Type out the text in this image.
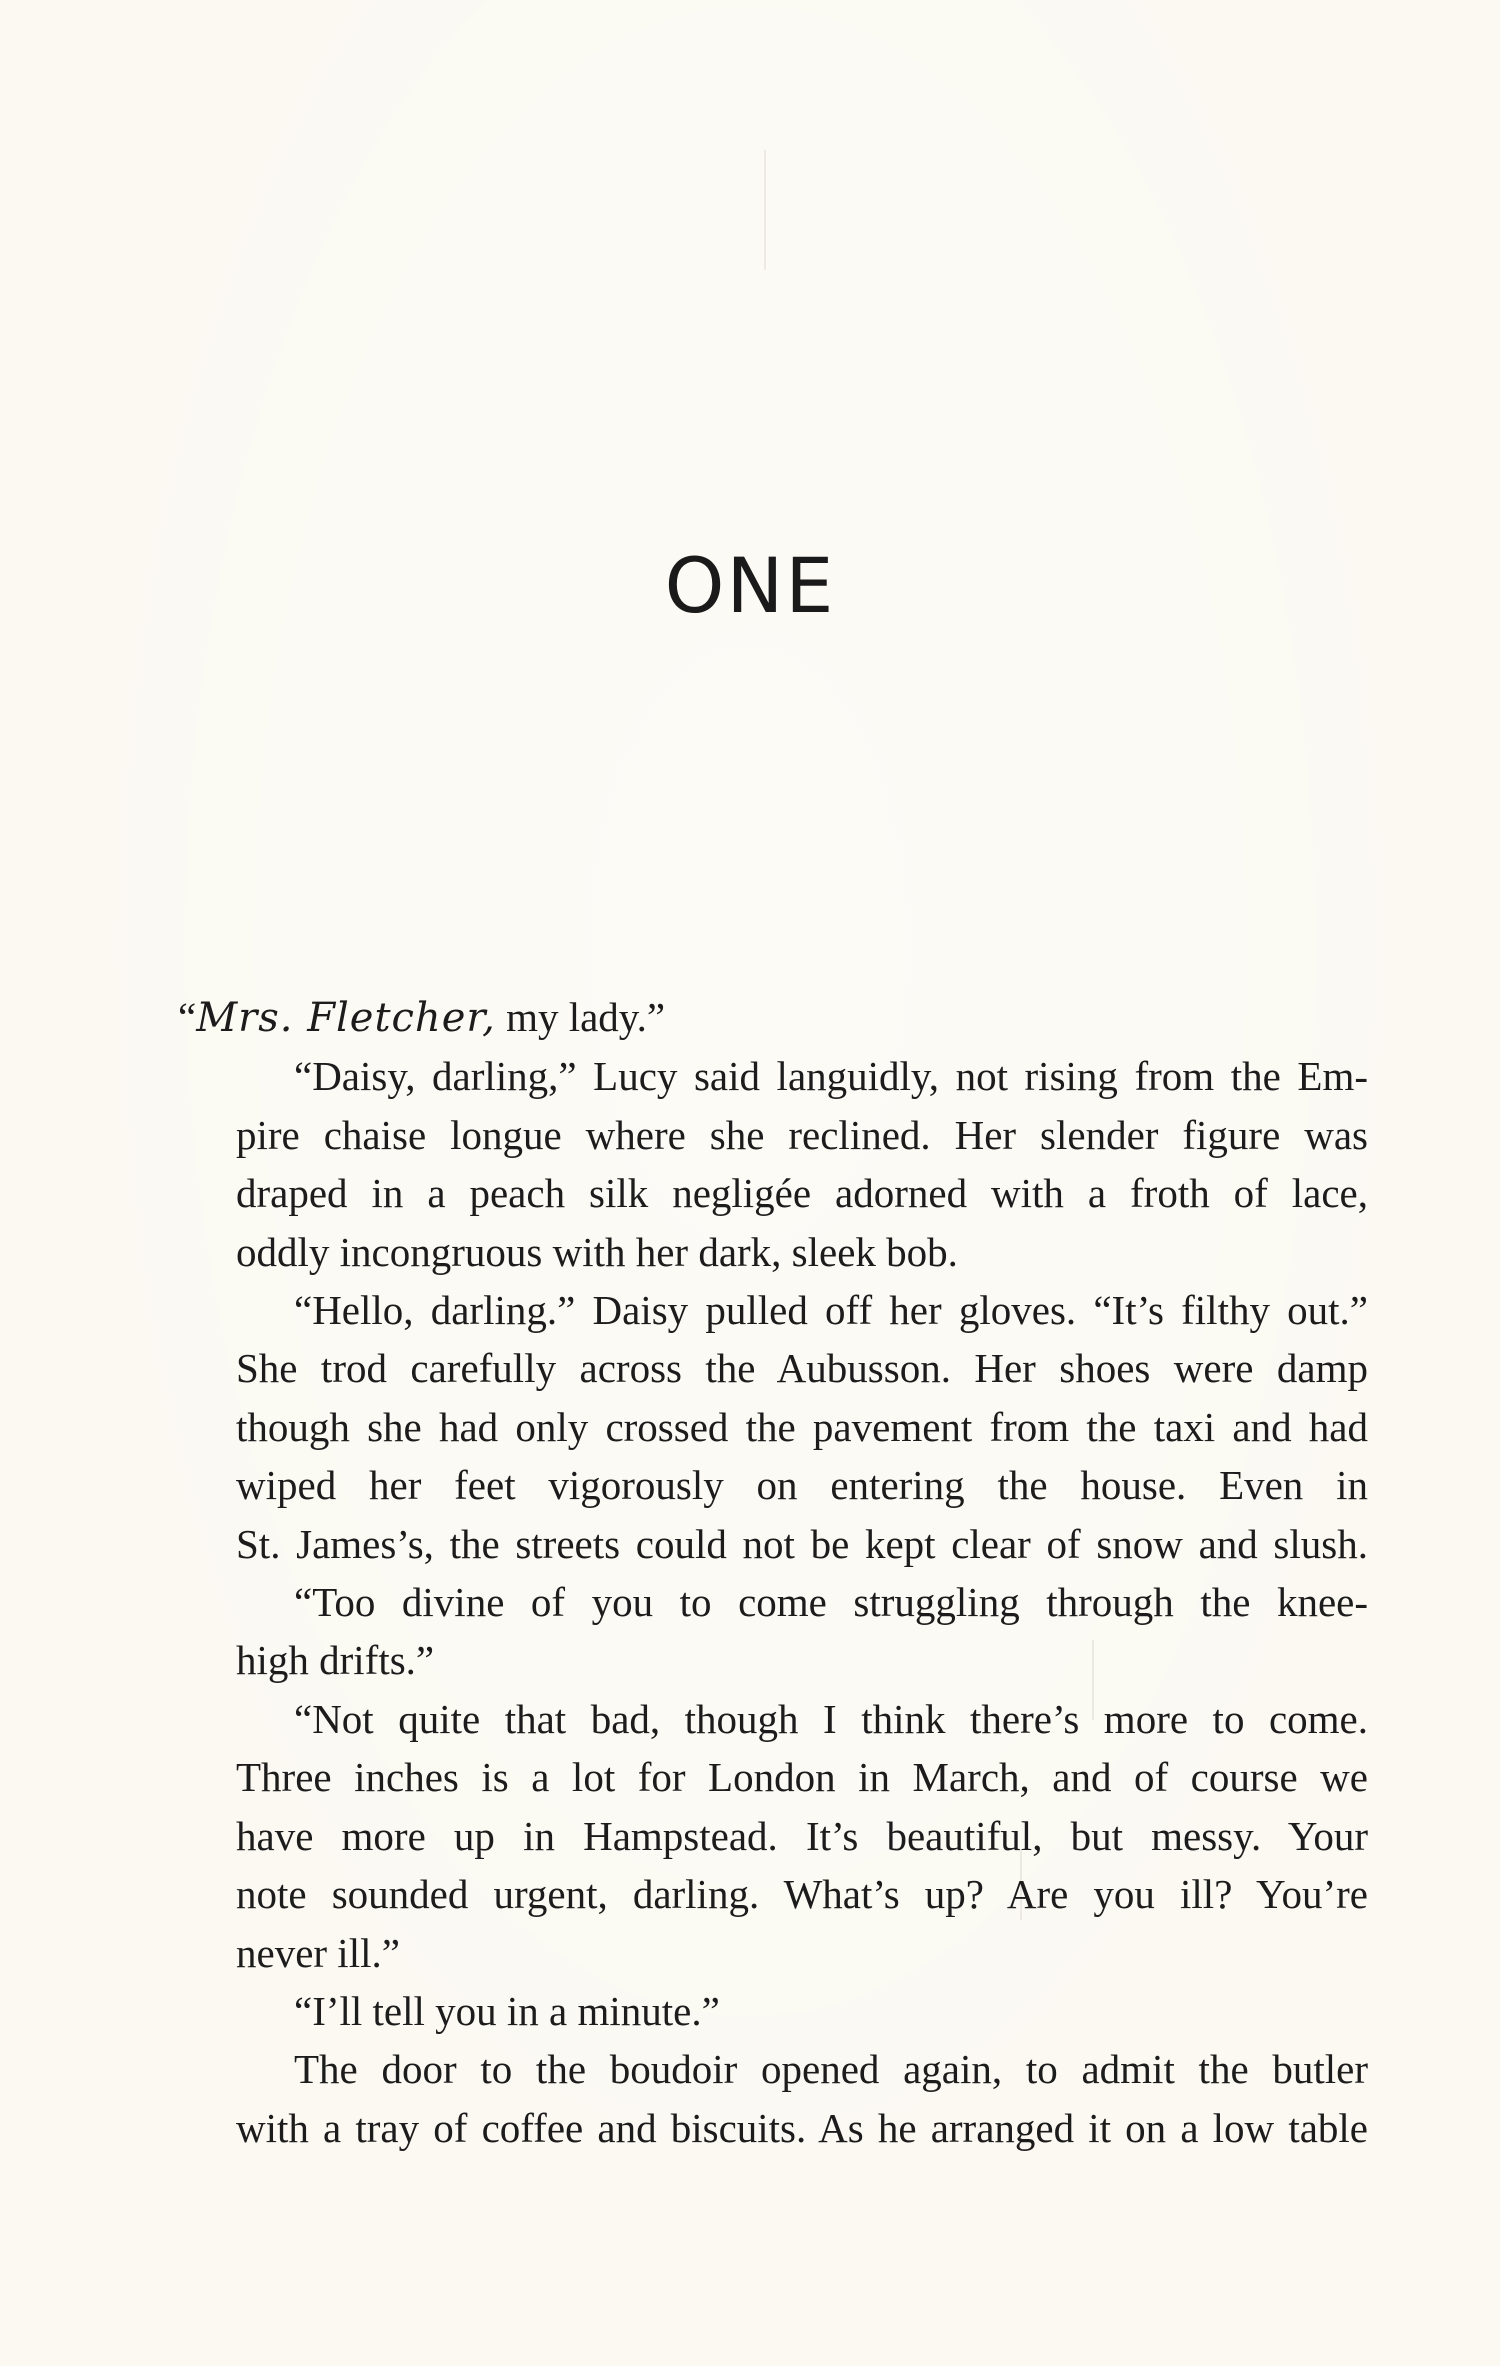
ONE

“Mrs. Fletcher, my lady.”

“Daisy, darling,” Lucy said languidly, not rising from the Em-
pire chaise longue where she reclined. Her slender figure was
draped in a peach silk negligée adorned with a froth of lace,
oddly incongruous with her dark, sleek bob.

“Hello, darling.” Daisy pulled off her gloves. “It’s filthy out.”
She trod carefully across the Aubusson. Her shoes were damp
though she had only crossed the pavement from the taxi and had
wiped her feet vigorously on entering the house. Even in
St. James’s, the streets could not be kept clear of snow and slush.

“Too divine of you to come struggling through the knee-
high drifts.”

“Not quite that bad, though I think there’s more to come.
Three inches is a lot for London in March, and of course we
have more up in Hampstead. It’s beautiful, but messy. Your
note sounded urgent, darling. What’s up? Are you ill? You’re
never ill.”

“I’ll tell you in a minute.”

The door to the boudoir opened again, to admit the butler
with a tray of coffee and biscuits. As he arranged it on a low table
